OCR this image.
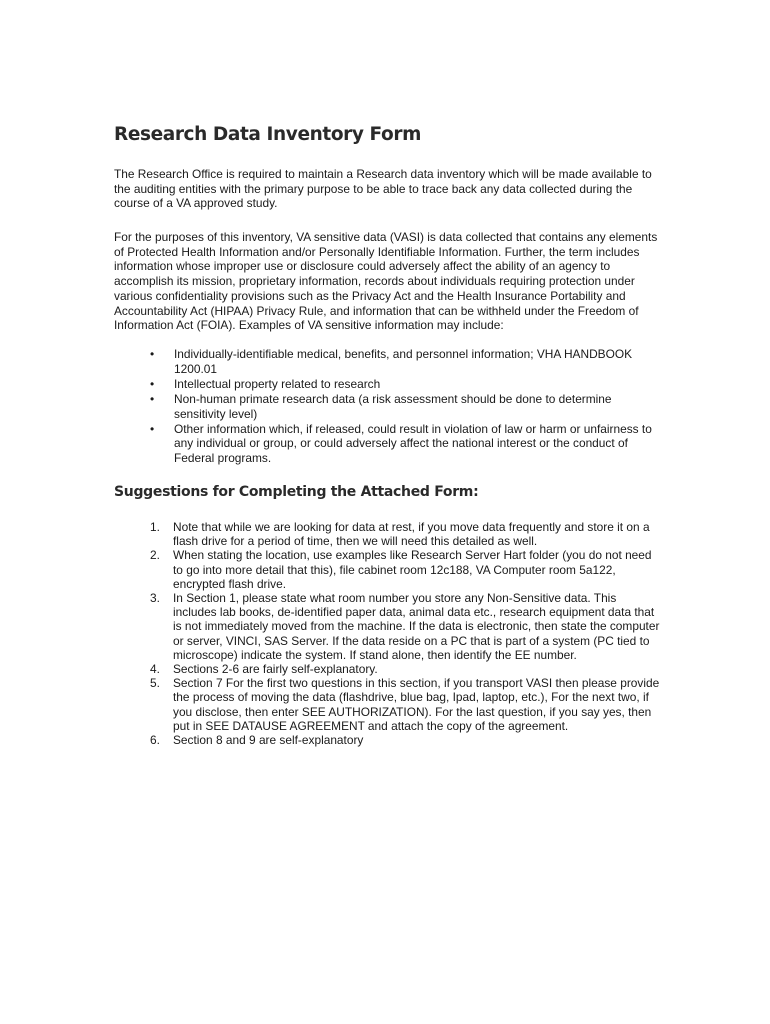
Research Data Inventory Form

The Research Office is required to maintain a Research data inventory which will be made available to the auditing entities with the primary purpose to be able to trace back any data collected during the course of a VA approved study.

For the purposes of this inventory, VA sensitive data (VASI) is data collected that contains any elements of Protected Health Information and/or Personally Identifiable Information. Further, the term includes information whose improper use or disclosure could adversely affect the ability of an agency to accomplish its mission, proprietary information, records about individuals requiring protection under various confidentiality provisions such as the Privacy Act and the Health Insurance Portability and Accountability Act (HIPAA) Privacy Rule, and information that can be withheld under the Freedom of Information Act (FOIA). Examples of VA sensitive information may include:

•	Individually-identifiable medical, benefits, and personnel information; VHA HANDBOOK 1200.01
•	Intellectual property related to research
•	Non-human primate research data (a risk assessment should be done to determine sensitivity level)
•	Other information which, if released, could result in violation of law or harm or unfairness to any individual or group, or could adversely affect the national interest or the conduct of Federal programs.
Suggestions for Completing the Attached Form:
1. Note that while we are looking for data at rest, if you move data frequently and store it on a flash drive for a period of time, then we will need this detailed as well.
2. When stating the location, use examples like Research Server Hart folder (you do not need to go into more detail that this), file cabinet room 12c188, VA Computer room 5a122, encrypted flash drive.
3. In Section 1, please state what room number you store any Non-Sensitive data. This includes lab books, de-identified paper data, animal data etc., research equipment data that is not immediately moved from the machine. If the data is electronic, then state the computer or server, VINCI, SAS Server. If the data reside on a PC that is part of a system (PC tied to microscope) indicate the system. If stand alone, then identify the EE number.
4. Sections 2-6 are fairly self-explanatory.
5. Section 7 For the first two questions in this section, if you transport VASI then please provide the process of moving the data (flashdrive, blue bag, Ipad, laptop, etc.), For the next two, if you disclose, then enter SEE AUTHORIZATION). For the last question, if you say yes, then put in SEE DATAUSE AGREEMENT and attach the copy of the agreement.
6. Section 8 and 9 are self-explanatory
